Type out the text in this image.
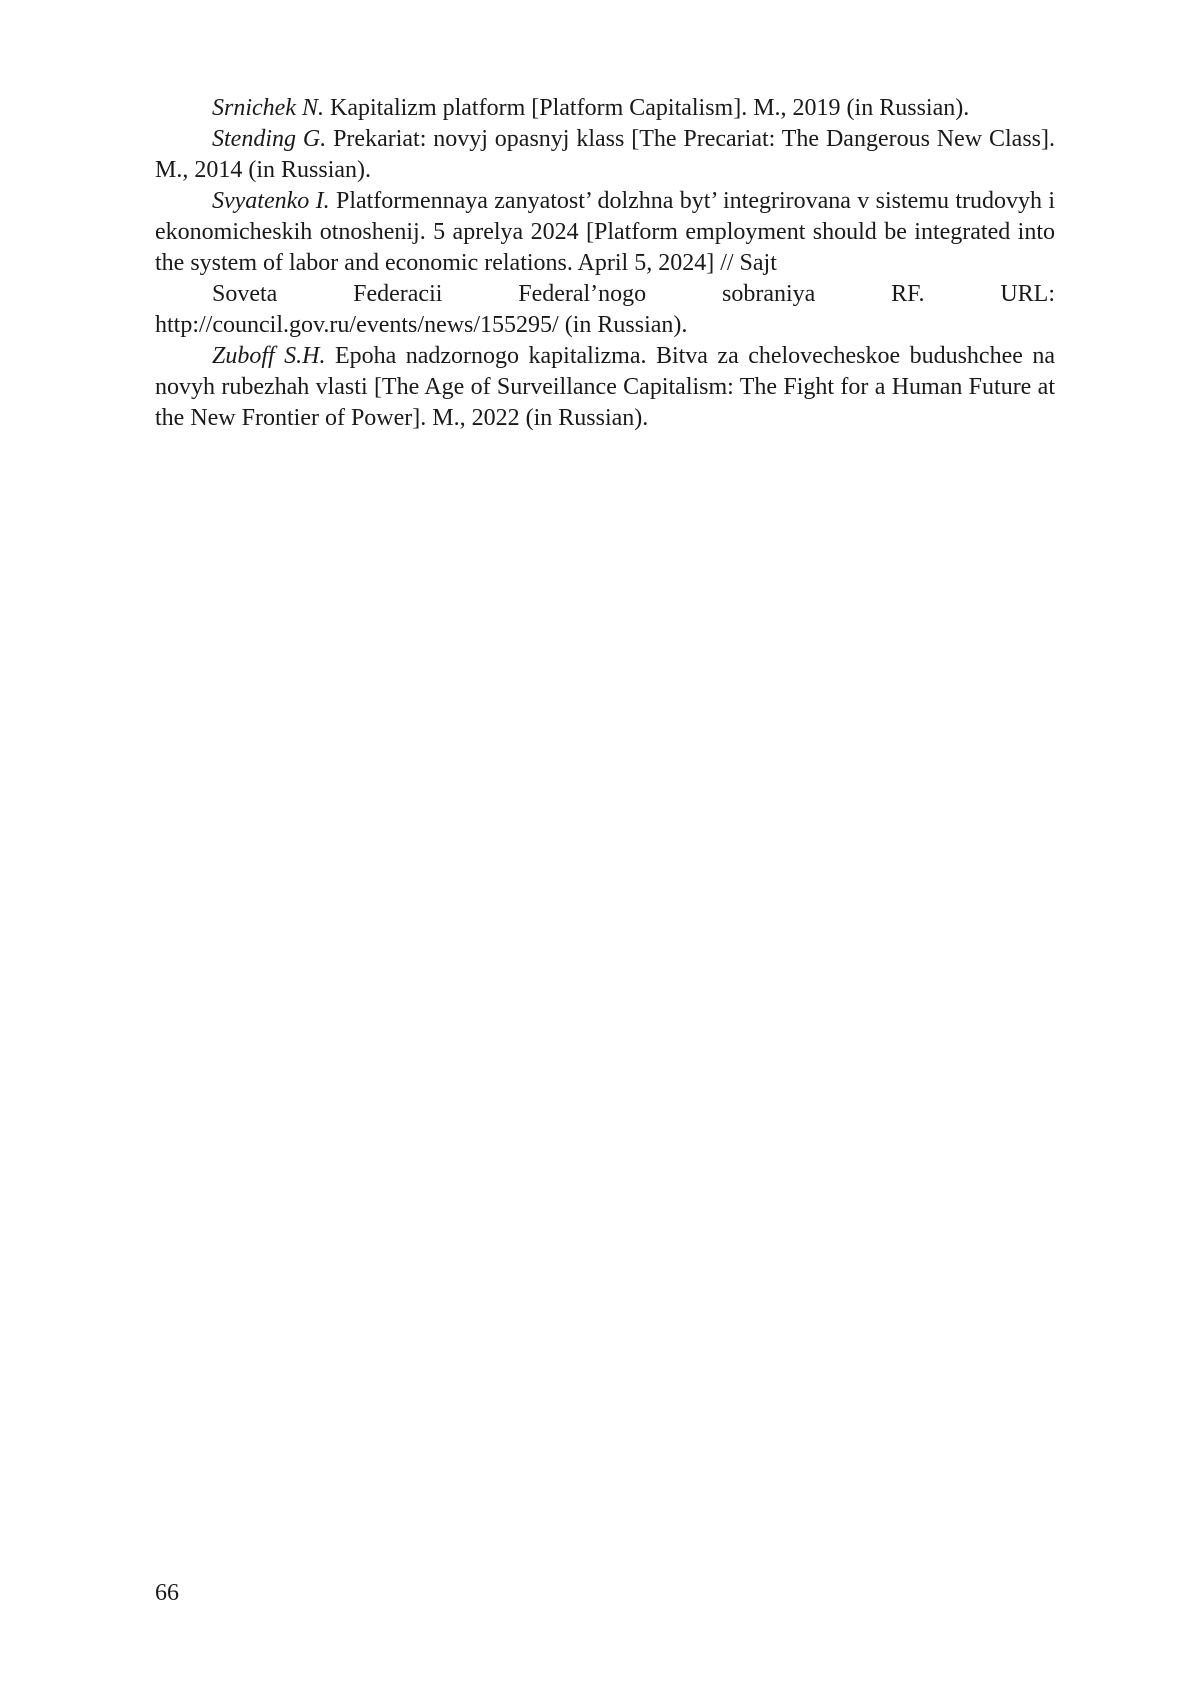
Srnichek N. Kapitalizm platform [Platform Capitalism]. M., 2019 (in Russian).

Stending G. Prekariat: novyj opasnyj klass [The Precariat: The Dangerous New Class]. M., 2014 (in Russian).

Svyatenko I. Platformennaya zanyatost’ dolzhna byt’ integrirovana v sistemu trudovyh i ekonomicheskih otnoshenij. 5 aprelya 2024 [Platform employment should be integrated into the system of labor and economic relations. April 5, 2024] // Sajt

Soveta Federacii Federal’nogo sobraniya RF. URL: http://council.gov.ru/events/news/155295/ (in Russian).

Zuboff S.H. Epoha nadzornogo kapitalizma. Bitva za chelovecheskoe budushchee na novyh rubezhah vlasti [The Age of Surveillance Capitalism: The Fight for a Human Future at the New Frontier of Power]. M., 2022 (in Russian).

66
